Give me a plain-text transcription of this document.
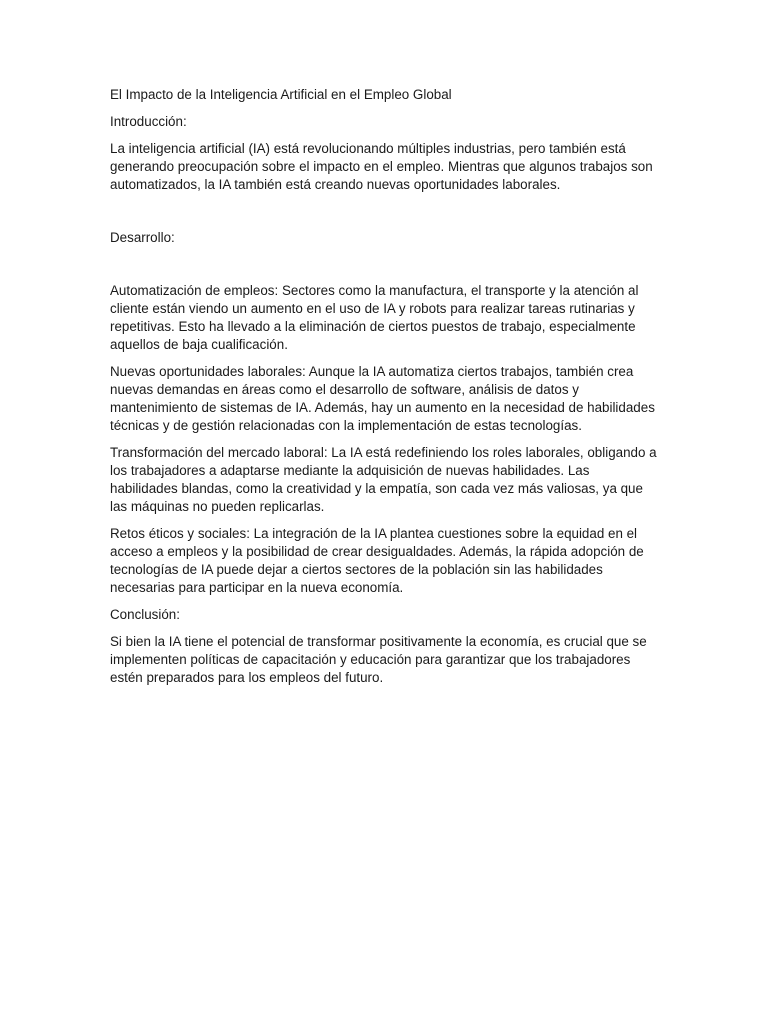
El Impacto de la Inteligencia Artificial en el Empleo Global

Introducción:

La inteligencia artificial (IA) está revolucionando múltiples industrias, pero también está generando preocupación sobre el impacto en el empleo. Mientras que algunos trabajos son automatizados, la IA también está creando nuevas oportunidades laborales.

Desarrollo:

Automatización de empleos: Sectores como la manufactura, el transporte y la atención al cliente están viendo un aumento en el uso de IA y robots para realizar tareas rutinarias y repetitivas. Esto ha llevado a la eliminación de ciertos puestos de trabajo, especialmente aquellos de baja cualificación.

Nuevas oportunidades laborales: Aunque la IA automatiza ciertos trabajos, también crea nuevas demandas en áreas como el desarrollo de software, análisis de datos y mantenimiento de sistemas de IA. Además, hay un aumento en la necesidad de habilidades técnicas y de gestión relacionadas con la implementación de estas tecnologías.

Transformación del mercado laboral: La IA está redefiniendo los roles laborales, obligando a los trabajadores a adaptarse mediante la adquisición de nuevas habilidades. Las habilidades blandas, como la creatividad y la empatía, son cada vez más valiosas, ya que las máquinas no pueden replicarlas.

Retos éticos y sociales: La integración de la IA plantea cuestiones sobre la equidad en el acceso a empleos y la posibilidad de crear desigualdades. Además, la rápida adopción de tecnologías de IA puede dejar a ciertos sectores de la población sin las habilidades necesarias para participar en la nueva economía.

Conclusión:

Si bien la IA tiene el potencial de transformar positivamente la economía, es crucial que se implementen políticas de capacitación y educación para garantizar que los trabajadores estén preparados para los empleos del futuro.
